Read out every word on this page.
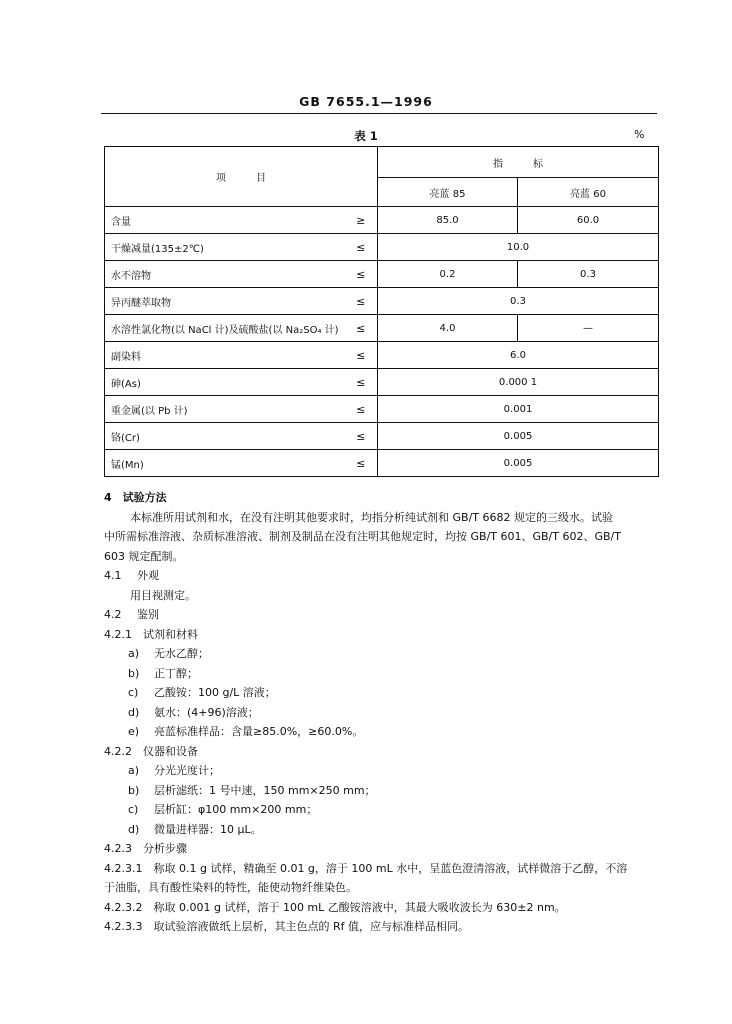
GB 7655.1—1996
表 1	%
项　　　目		指　　　标	
		亮蓝 85	亮蓝 60
含量	≥	85.0	60.0
干燥减量(135±2℃)	≤	10.0	
水不溶物	≤	0.2	0.3
异丙醚萃取物	≤	0.3	
水溶性氯化物(以 NaCl 计)及硫酸盐(以 Na₂SO₄ 计)	≤	4.0	—
副染料	≤	6.0	
砷(As)	≤	0.000 1	
重金属(以 Pb 计)	≤	0.001	
铬(Cr)	≤	0.005	
锰(Mn)	≤	0.005	
4　试验方法
本标准所用试剂和水，在没有注明其他要求时，均指分析纯试剂和 GB/T 6682 规定的三级水。试验
中所需标准溶液、杂质标准溶液、制剂及制品在没有注明其他规定时，均按 GB/T 601、GB/T 602、GB/T
603 规定配制。
4.1　 外观
用目视测定。
4.2　 鉴别
4.2.1　 试剂和材料
a) 无水乙醇；
b) 正丁醇；
c) 乙酸铵：100 g/L 溶液；
d) 氨水：(4+96)溶液；
e) 亮蓝标准样品：含量≥85.0%，≥60.0%。
4.2.2　 仪器和设备
a) 分光光度计；
b) 层析滤纸：1 号中速，150 mm×250 mm；
c) 层析缸：φ100 mm×200 mm；
d) 微量进样器：10 μL。
4.2.3　 分析步骤
4.2.3.1　 称取 0.1 g 试样，精确至 0.01 g，溶于 100 mL 水中，呈蓝色澄清溶液，试样微溶于乙醇，不溶
于油脂，具有酸性染料的特性，能使动物纤维染色。
4.2.3.2　 称取 0.001 g 试样，溶于 100 mL 乙酸铵溶液中，其最大吸收波长为 630±2 nm。
4.2.3.3　 取试验溶液做纸上层析，其主色点的 Rf 值，应与标准样品相同。
